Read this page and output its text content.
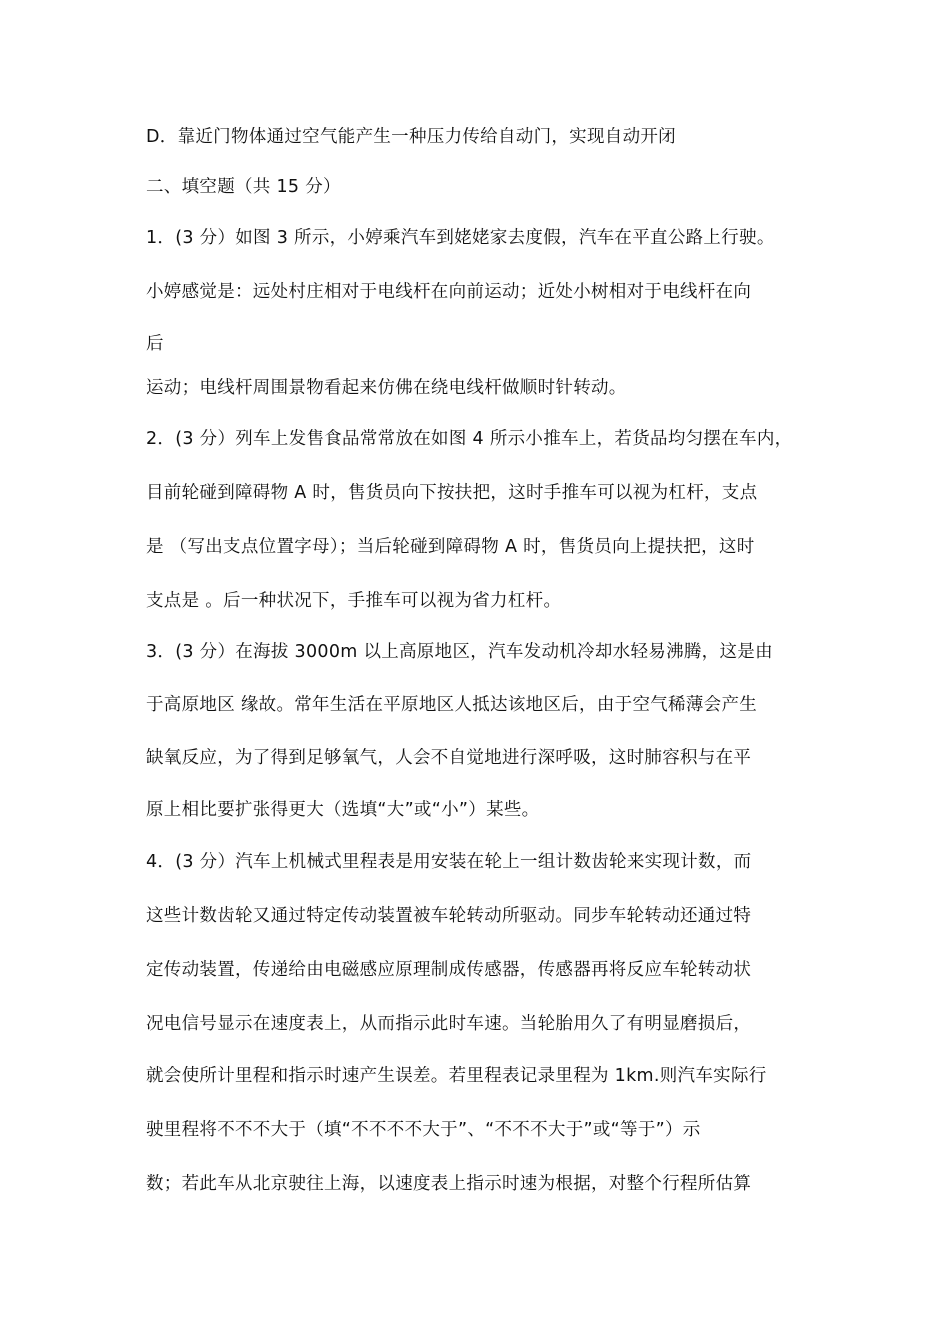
D．靠近门物体通过空气能产生一种压力传给自动门，实现自动开闭
二、填空题（共 15 分）
1．(3 分）如图 3 所示，小婷乘汽车到姥姥家去度假，汽车在平直公路上行驶。
小婷感觉是：远处村庄相对于电线杆在向前运动；近处小树相对于电线杆在向
后
运动；电线杆周围景物看起来仿佛在绕电线杆做顺时针转动。
2．(3 分）列车上发售食品常常放在如图 4 所示小推车上，若货品均匀摆在车内，
目前轮碰到障碍物 A 时，售货员向下按扶把，这时手推车可以视为杠杆，支点
是 （写出支点位置字母）；当后轮碰到障碍物 A 时，售货员向上提扶把，这时
支点是 。后一种状况下，手推车可以视为省力杠杆。
3．(3 分）在海拔 3000m 以上高原地区，汽车发动机冷却水轻易沸腾，这是由
于高原地区 缘故。常年生活在平原地区人抵达该地区后，由于空气稀薄会产生
缺氧反应，为了得到足够氧气，人会不自觉地进行深呼吸，这时肺容积与在平
原上相比要扩张得更大（选填“大”或“小”）某些。
4．(3 分）汽车上机械式里程表是用安装在轮上一组计数齿轮来实现计数，而
这些计数齿轮又通过特定传动装置被车轮转动所驱动。同步车轮转动还通过特
定传动装置，传递给由电磁感应原理制成传感器，传感器再将反应车轮转动状
况电信号显示在速度表上，从而指示此时车速。当轮胎用久了有明显磨损后，
就会使所计里程和指示时速产生误差。若里程表记录里程为 1km.则汽车实际行
驶里程将不不不大于（填“不不不不大于”、“不不不大于”或“等于”）示
数；若此车从北京驶往上海，以速度表上指示时速为根据，对整个行程所估算
